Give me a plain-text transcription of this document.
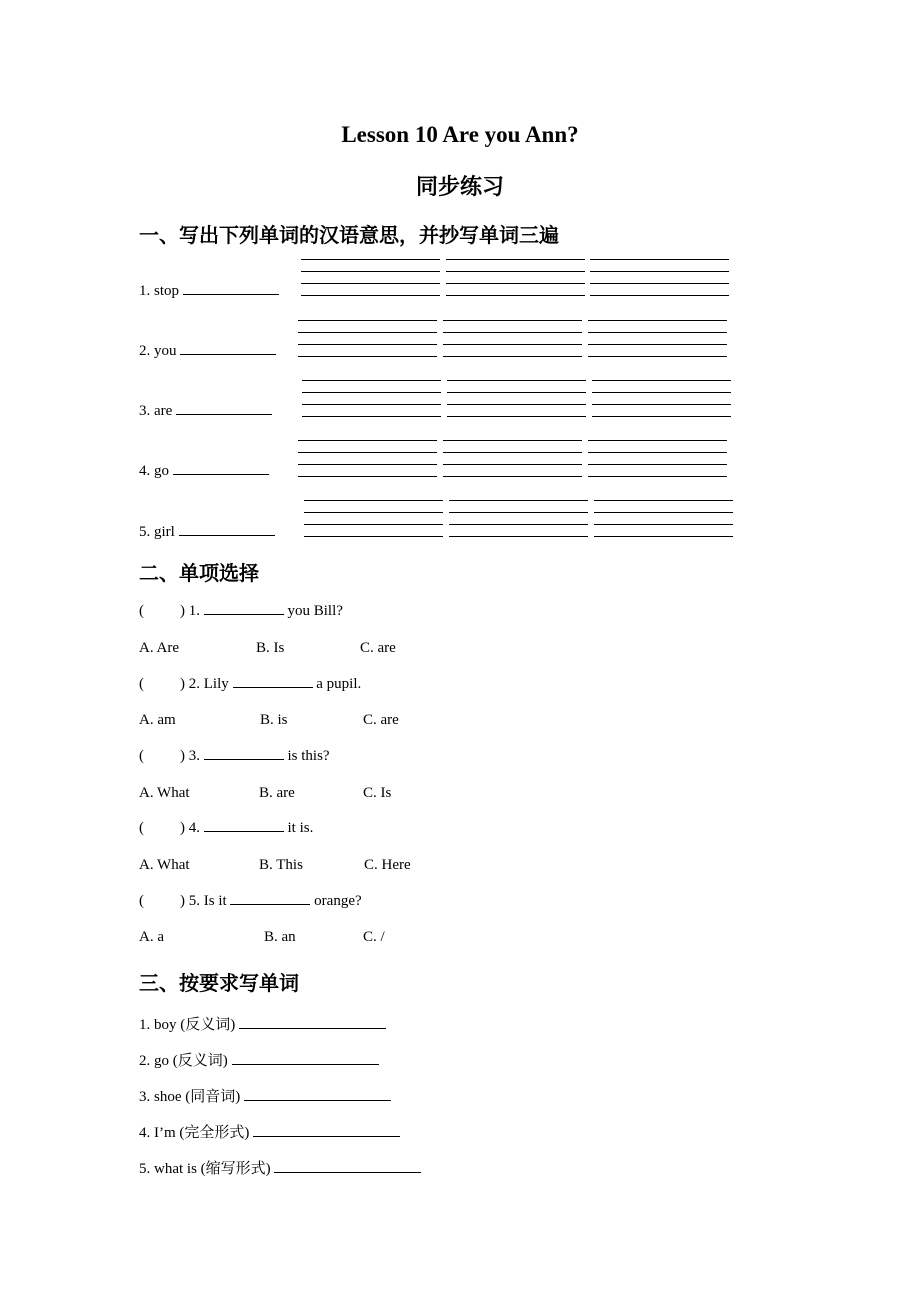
Lesson 10 Are you Ann?
同步练习
一、写出下列单词的汉语意思，并抄写单词三遍
1. stop
2. you
3. are
4. go
5. girl
二、单项选择
( ) 1.	you Bill?
A. Are	B. Is	C. are
( ) 2. Lily	a pupil.
A. am	B. is	C. are
( ) 3.	is this?
A. What	B. are	C. Is
( ) 4.	it is.
A. What	B. This	C. Here
( ) 5. Is it	orange?
A. a	B. an	C. /
三、按要求写单词
1. boy (反义词)
2. go (反义词)
3. shoe (同音词)
4. I’m (完全形式)
5. what is (缩写形式)
